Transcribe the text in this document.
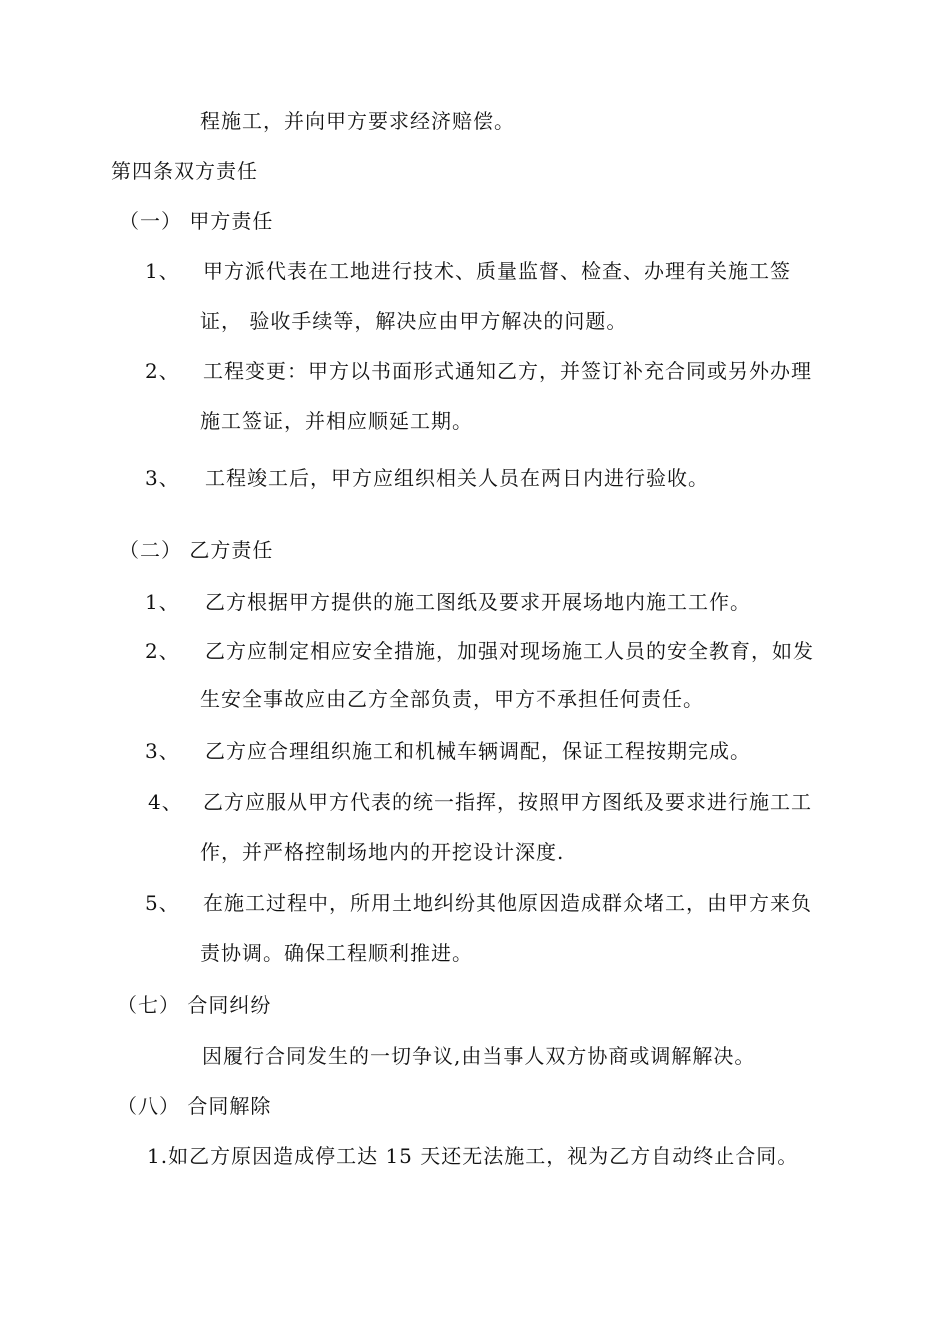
程施工，并向甲方要求经济赔偿。
第四条双方责任
（一） 甲方责任
1、 甲方派代表在工地进行技术、质量监督、检查、办理有关施工签
证， 验收手续等，解决应由甲方解决的问题。
2、 工程变更：甲方以书面形式通知乙方，并签订补充合同或另外办理
施工签证，并相应顺延工期。
3、 工程竣工后，甲方应组织相关人员在两日内进行验收。
（二） 乙方责任
1、 乙方根据甲方提供的施工图纸及要求开展场地内施工工作。
2、 乙方应制定相应安全措施，加强对现场施工人员的安全教育，如发
生安全事故应由乙方全部负责，甲方不承担任何责任。
3、 乙方应合理组织施工和机械车辆调配，保证工程按期完成。
4、 乙方应服从甲方代表的统一指挥，按照甲方图纸及要求进行施工工
作，并严格控制场地内的开挖设计深度.
5、 在施工过程中，所用土地纠纷其他原因造成群众堵工，由甲方来负
责协调。确保工程顺利推进。
（七） 合同纠纷
因履行合同发生的一切争议,由当事人双方协商或调解解决。
（八） 合同解除
1.如乙方原因造成停工达 15 天还无法施工，视为乙方自动终止合同。
